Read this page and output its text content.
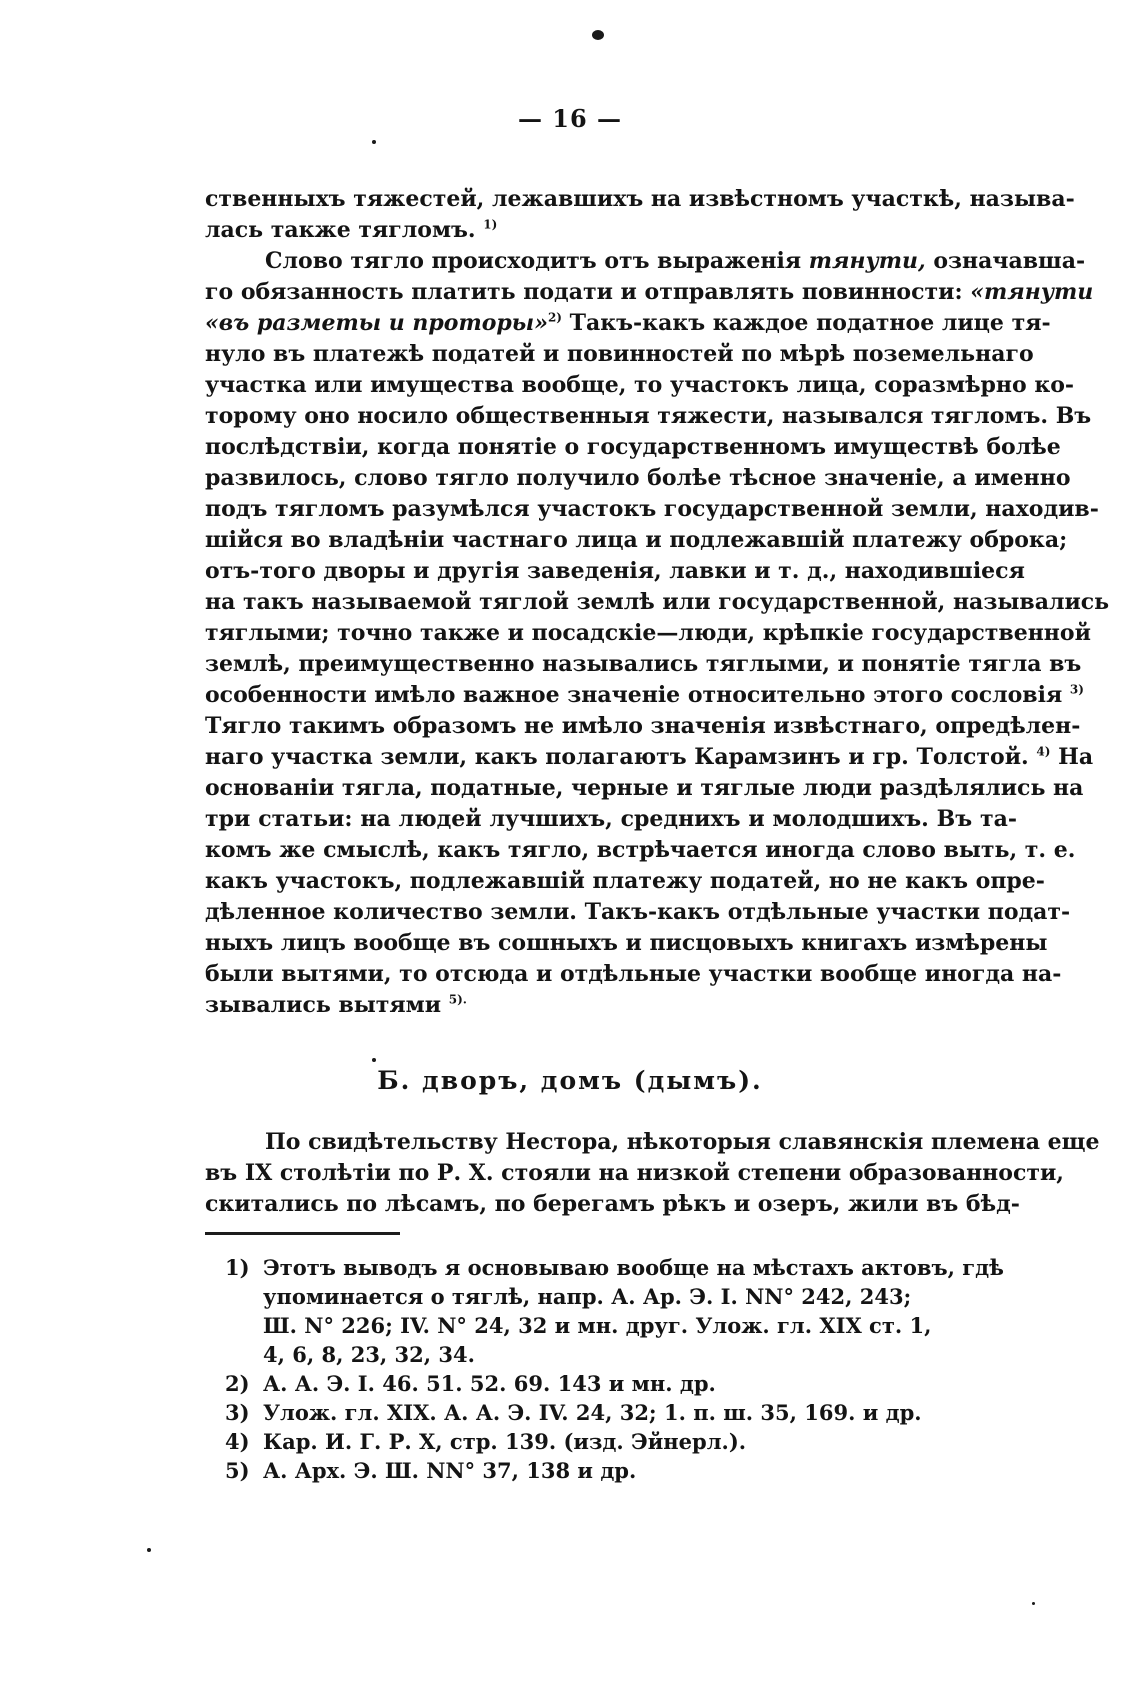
— 16 —
ственныхъ тяжестей, лежавшихъ на извѣстномъ участкѣ, называ-
лась также тягломъ. $^{1)}$
Слово тягло происходитъ отъ выраженія тянути, означавша-
го обязанность платить подати и отправлять повинности: «тянути
«въ разметы и проторы»$^{2)}$ Такъ-какъ каждое податное лице тя-
нуло въ платежѣ податей и повинностей по мѣрѣ поземельнаго
участка или имущества вообще, то участокъ лица, соразмѣрно ко-
торому оно носило общественныя тяжести, назывался тягломъ. Въ
послѣдствіи, когда понятіе о государственномъ имуществѣ болѣе
развилось, слово тягло получило болѣе тѣсное значеніе, а именно
подъ тягломъ разумѣлся участокъ государственной земли, находив-
шійся во владѣніи частнаго лица и подлежавшій платежу оброка;
отъ-того дворы и другія заведенія, лавки и т. д., находившіеся
на такъ называемой тяглой землѣ или государственной, назывались
тяглыми; точно также и посадскіе—люди, крѣпкіе государственной
землѣ, преимущественно назывались тяглыми, и понятіе тягла въ
особенности имѣло важное значеніе относительно этого сословія $^{3)}$
Тягло такимъ образомъ не имѣло значенія извѣстнаго, опредѣлен-
наго участка земли, какъ полагаютъ Карамзинъ и гр. Толстой. $^{4)}$ На
основаніи тягла, податные, черные и тяглые люди раздѣлялись на
три статьи: на людей лучшихъ, среднихъ и молодшихъ. Въ та-
комъ же смыслѣ, какъ тягло, встрѣчается иногда слово выть, т. е.
какъ участокъ, подлежавшій платежу податей, но не какъ опре-
дѣленное количество земли. Такъ-какъ отдѣльные участки подат-
ныхъ лицъ вообще въ сошныхъ и писцовыхъ книгахъ измѣрены
были вытями, то отсюда и отдѣльные участки вообще иногда на-
зывались вытями $^{5).}$
Б. дворъ, домъ (дымъ).
По свидѣтельству Нестора, нѣкоторыя славянскія племена еще
въ IX столѣтіи по Р. Х. стояли на низкой степени образованности,
скитались по лѣсамъ, по берегамъ рѣкъ и озеръ, жили въ бѣд-
1) Этотъ выводъ я основываю вообще на мѣстахъ актовъ, гдѣ
упоминается о тяглѣ, напр. А. Ар. Э. I. NN° 242, 243;
Ш. N° 226; IV. N° 24, 32 и мн. друг. Улож. гл. XIX ст. 1,
4, 6, 8, 23, 32, 34.
2) А. А. Э. I. 46. 51. 52. 69. 143 и мн. др.
3) Улож. гл. XIX. А. А. Э. IV. 24, 32; 1. п. ш. 35, 169. и др.
4) Кар. И. Г. Р. Х, стр. 139. (изд. Эйнерл.).
5) А. Арх. Э. Ш. NN° 37, 138 и др.
